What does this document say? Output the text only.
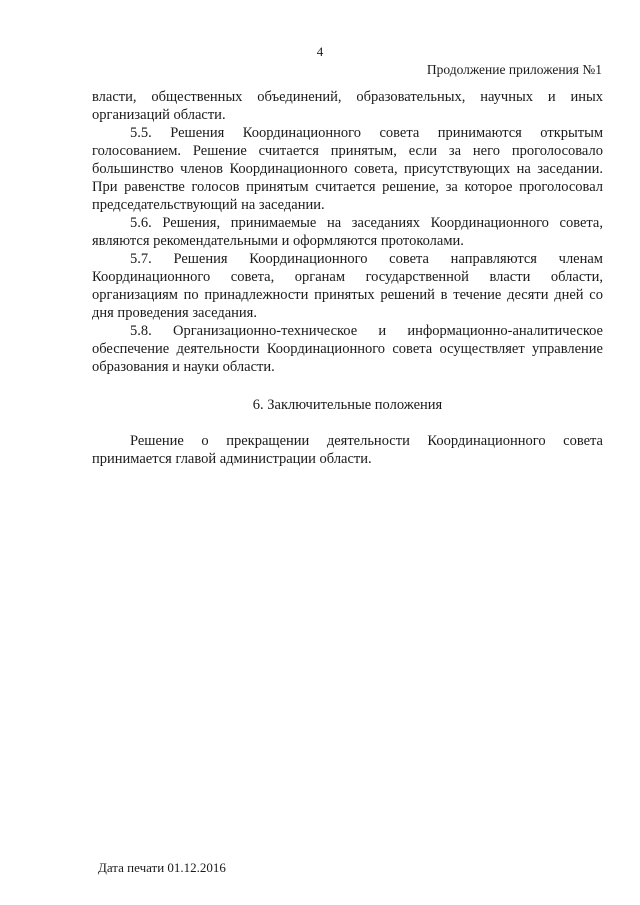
4
Продолжение приложения №1

власти, общественных объединений, образовательных, научных и иных организаций области.

5.5. Решения Координационного совета принимаются открытым голосованием. Решение считается принятым, если за него проголосовало большинство членов Координационного совета, присутствующих на заседании. При равенстве голосов принятым считается решение, за которое проголосовал председательствующий на заседании.

5.6. Решения, принимаемые на заседаниях Координационного совета, являются рекомендательными и оформляются протоколами.

5.7. Решения Координационного совета направляются членам Координационного совета, органам государственной власти области, организациям по принадлежности принятых решений в течение десяти дней со дня проведения заседания.

5.8. Организационно-техническое и информационно-аналитическое обеспечение деятельности Координационного совета осуществляет управление образования и науки области.

6. Заключительные положения

Решение о прекращении деятельности Координационного совета принимается главой администрации области.

Дата печати 01.12.2016
